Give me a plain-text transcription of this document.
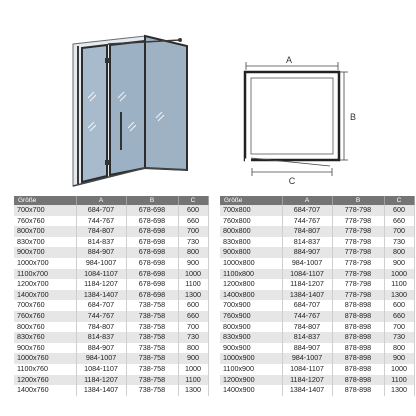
A
B
C
Größe	A	B	C
700x700	684-707	678-698	600
760x760	744-767	678-698	660
800x700	784-807	678-698	700
830x700	814-837	678-698	730
900x700	884-907	678-698	800
1000x700	984-1007	678-698	900
1100x700	1084-1107	678-698	1000
1200x700	1184-1207	678-698	1100
1400x700	1384-1407	678-698	1300
700x760	684-707	738-758	600
760x760	744-767	738-758	660
800x760	784-807	738-758	700
830x760	814-837	738-758	730
900x760	884-907	738-758	800
1000x760	984-1007	738-758	900
1100x760	1084-1107	738-758	1000
1200x760	1184-1207	738-758	1100
1400x760	1384-1407	738-758	1300
Größe	A	B	C
700x800	684-707	778-798	600
760x800	744-767	778-798	660
800x800	784-807	778-798	700
830x800	814-837	778-798	730
900x800	884-907	778-798	800
1000x800	984-1007	778-798	900
1100x800	1084-1107	778-798	1000
1200x800	1184-1207	778-798	1100
1400x800	1384-1407	778-798	1300
700x900	684-707	878-898	600
760x900	744-767	878-898	660
800x900	784-807	878-898	700
830x900	814-837	878-898	730
900x900	884-907	878-898	800
1000x900	984-1007	878-898	900
1100x900	1084-1107	878-898	1000
1200x900	1184-1207	878-898	1100
1400x900	1384-1407	878-898	1300
